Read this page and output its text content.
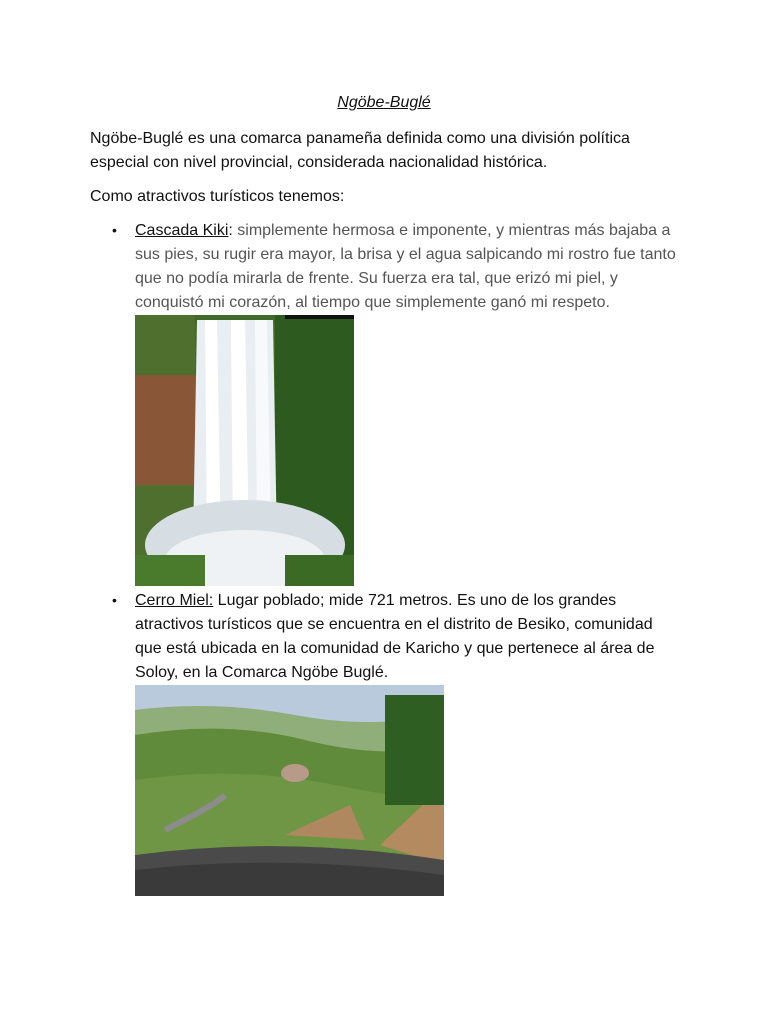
Ngöbe-Buglé
Ngöbe-Buglé es una comarca panameña definida como una división política
especial con nivel provincial, considerada nacionalidad histórica.
Como atractivos turísticos tenemos:
• Cascada Kiki: simplemente hermosa e imponente, y mientras más bajaba a
sus pies, su rugir era mayor, la brisa y el agua salpicando mi rostro fue tanto
que no podía mirarla de frente. Su fuerza era tal, que erizó mi piel, y
conquistó mi corazón, al tiempo que simplemente ganó mi respeto.
• Cerro Miel: Lugar poblado; mide 721 metros. Es uno de los grandes
atractivos turísticos que se encuentra en el distrito de Besiko, comunidad
que está ubicada en la comunidad de Karicho y que pertenece al área de
Soloy, en la Comarca Ngöbe Buglé.
